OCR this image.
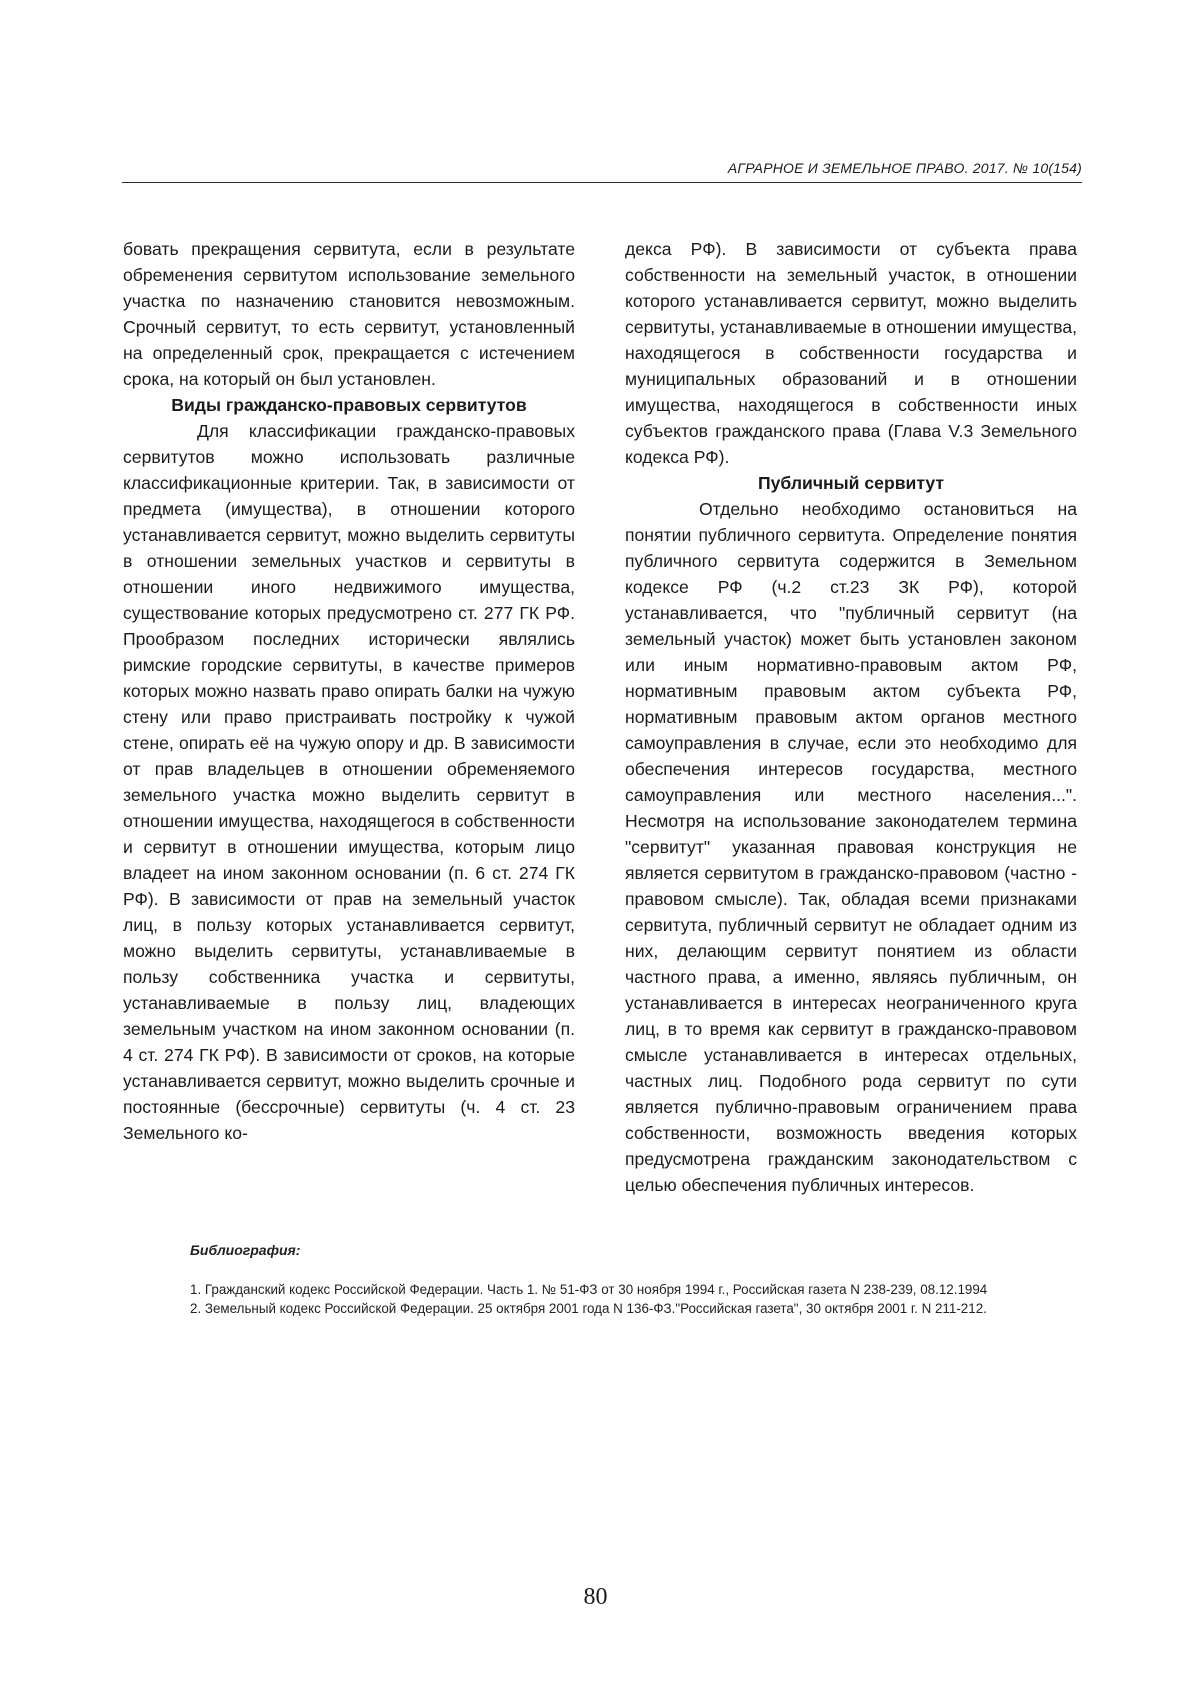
АГРАРНОЕ И ЗЕМЕЛЬНОЕ ПРАВО. 2017. № 10(154)

бовать прекращения сервитута, если в результате обременения сервитутом использование земельного участка по назначению становится невозможным. Срочный сервитут, то есть сервитут, установленный на определенный срок, прекращается с истечением срока, на который он был установлен.

Виды гражданско-правовых сервитутов

Для классификации гражданско-правовых сервитутов можно использовать различные классификационные критерии. Так, в зависимости от предмета (имущества), в отношении которого устанавливается сервитут, можно выделить сервитуты в отношении земельных участков и сервитуты в отношении иного недвижимого имущества, существование которых предусмотрено ст. 277 ГК РФ. Прообразом последних исторически являлись римские городские сервитуты, в качестве примеров которых можно назвать право опирать балки на чужую стену или право пристраивать постройку к чужой стене, опирать её на чужую опору и др. В зависимости от прав владельцев в отношении обременяемого земельного участка можно выделить сервитут в отношении имущества, находящегося в собственности и сервитут в отношении имущества, которым лицо владеет на ином законном основании (п. 6 ст. 274 ГК РФ). В зависимости от прав на земельный участок лиц, в пользу которых устанавливается сервитут, можно выделить сервитуты, устанавливаемые в пользу собственника участка и сервитуты, устанавливаемые в пользу лиц, владеющих земельным участком на ином законном основании (п. 4 ст. 274 ГК РФ). В зависимости от сроков, на которые устанавливается сервитут, можно выделить срочные и постоянные (бессрочные) сервитуты (ч. 4 ст. 23 Земельного ко-

декса РФ). В зависимости от субъекта права собственности на земельный участок, в отношении которого устанавливается сервитут, можно выделить сервитуты, устанавливаемые в отношении имущества, находящегося в собственности государства и муниципальных образований и в отношении имущества, находящегося в собственности иных субъектов гражданского права (Глава V.3 Земельного кодекса РФ).

Публичный сервитут

Отдельно необходимо остановиться на понятии публичного сервитута. Определение понятия публичного сервитута содержится в Земельном кодексе РФ (ч.2 ст.23 ЗК РФ), которой устанавливается, что "публичный сервитут (на земельный участок) может быть установлен законом или иным нормативно-правовым актом РФ, нормативным правовым актом субъекта РФ, нормативным правовым актом органов местного самоуправления в случае, если это необходимо для обеспечения интересов государства, местного самоуправления или местного населения...". Несмотря на использование законодателем термина "сервитут" указанная правовая конструкция не является сервитутом в гражданско-правовом (частно - правовом смысле). Так, обладая всеми признаками сервитута, публичный сервитут не обладает одним из них, делающим сервитут понятием из области частного права, а именно, являясь публичным, он устанавливается в интересах неограниченного круга лиц, в то время как сервитут в гражданско-правовом смысле устанавливается в интересах отдельных, частных лиц. Подобного рода сервитут по сути является публично-правовым ограничением права собственности, возможность введения которых предусмотрена гражданским законодательством с целью обеспечения публичных интересов.

Библиография:

1. Гражданский кодекс Российской Федерации. Часть 1. № 51-ФЗ от 30 ноября 1994 г., Российская газета N 238-239, 08.12.1994

2. Земельный кодекс Российской Федерации. 25 октября 2001 года N 136-ФЗ."Российская газета", 30 октября 2001 г. N 211-212.

80
